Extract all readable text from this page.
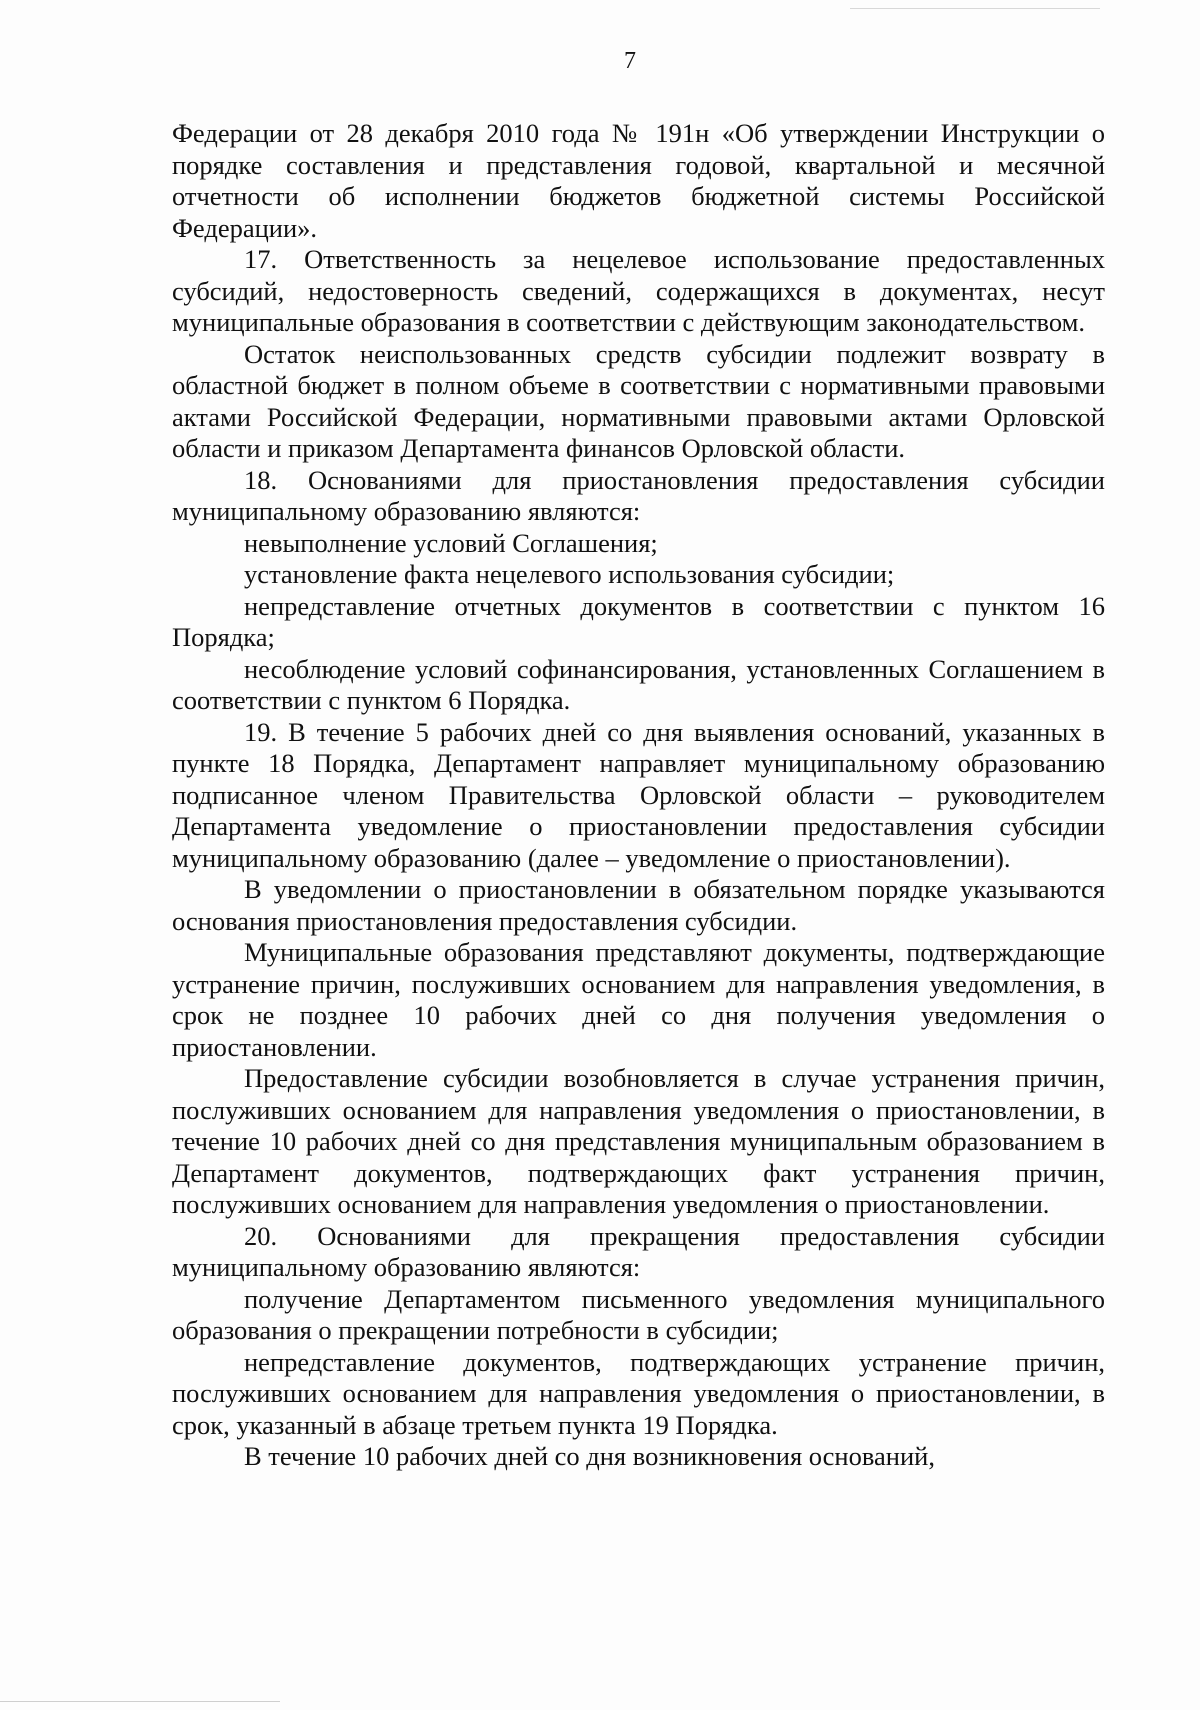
7

Федерации от 28 декабря 2010 года № 191н «Об утверждении Инструкции о порядке составления и представления годовой, квартальной и месячной отчетности об исполнении бюджетов бюджетной системы Российской Федерации».

17. Ответственность за нецелевое использование предоставленных субсидий, недостоверность сведений, содержащихся в документах, несут муниципальные образования в соответствии с действующим законодательством.

Остаток неиспользованных средств субсидии подлежит возврату в областной бюджет в полном объеме в соответствии с нормативными правовыми актами Российской Федерации, нормативными правовыми актами Орловской области и приказом Департамента финансов Орловской области.

18. Основаниями для приостановления предоставления субсидии муниципальному образованию являются:

невыполнение условий Соглашения;

установление факта нецелевого использования субсидии;

непредставление отчетных документов в соответствии с пунктом 16 Порядка;

несоблюдение условий софинансирования, установленных Соглашением в соответствии с пунктом 6 Порядка.

19. В течение 5 рабочих дней со дня выявления оснований, указанных в пункте 18 Порядка, Департамент направляет муниципальному образованию подписанное членом Правительства Орловской области – руководителем Департамента уведомление о приостановлении предоставления субсидии муниципальному образованию (далее – уведомление о приостановлении).

В уведомлении о приостановлении в обязательном порядке указываются основания приостановления предоставления субсидии.

Муниципальные образования представляют документы, подтверждающие устранение причин, послуживших основанием для направления уведомления, в срок не позднее 10 рабочих дней со дня получения уведомления о приостановлении.

Предоставление субсидии возобновляется в случае устранения причин, послуживших основанием для направления уведомления о приостановлении, в течение 10 рабочих дней со дня представления муниципальным образованием в Департамент документов, подтверждающих факт устранения причин, послуживших основанием для направления уведомления о приостановлении.

20. Основаниями для прекращения предоставления субсидии муниципальному образованию являются:

получение Департаментом письменного уведомления муниципального образования о прекращении потребности в субсидии;

непредставление документов, подтверждающих устранение причин, послуживших основанием для направления уведомления о приостановлении, в срок, указанный в абзаце третьем пункта 19 Порядка.

В течение 10 рабочих дней со дня возникновения оснований,
